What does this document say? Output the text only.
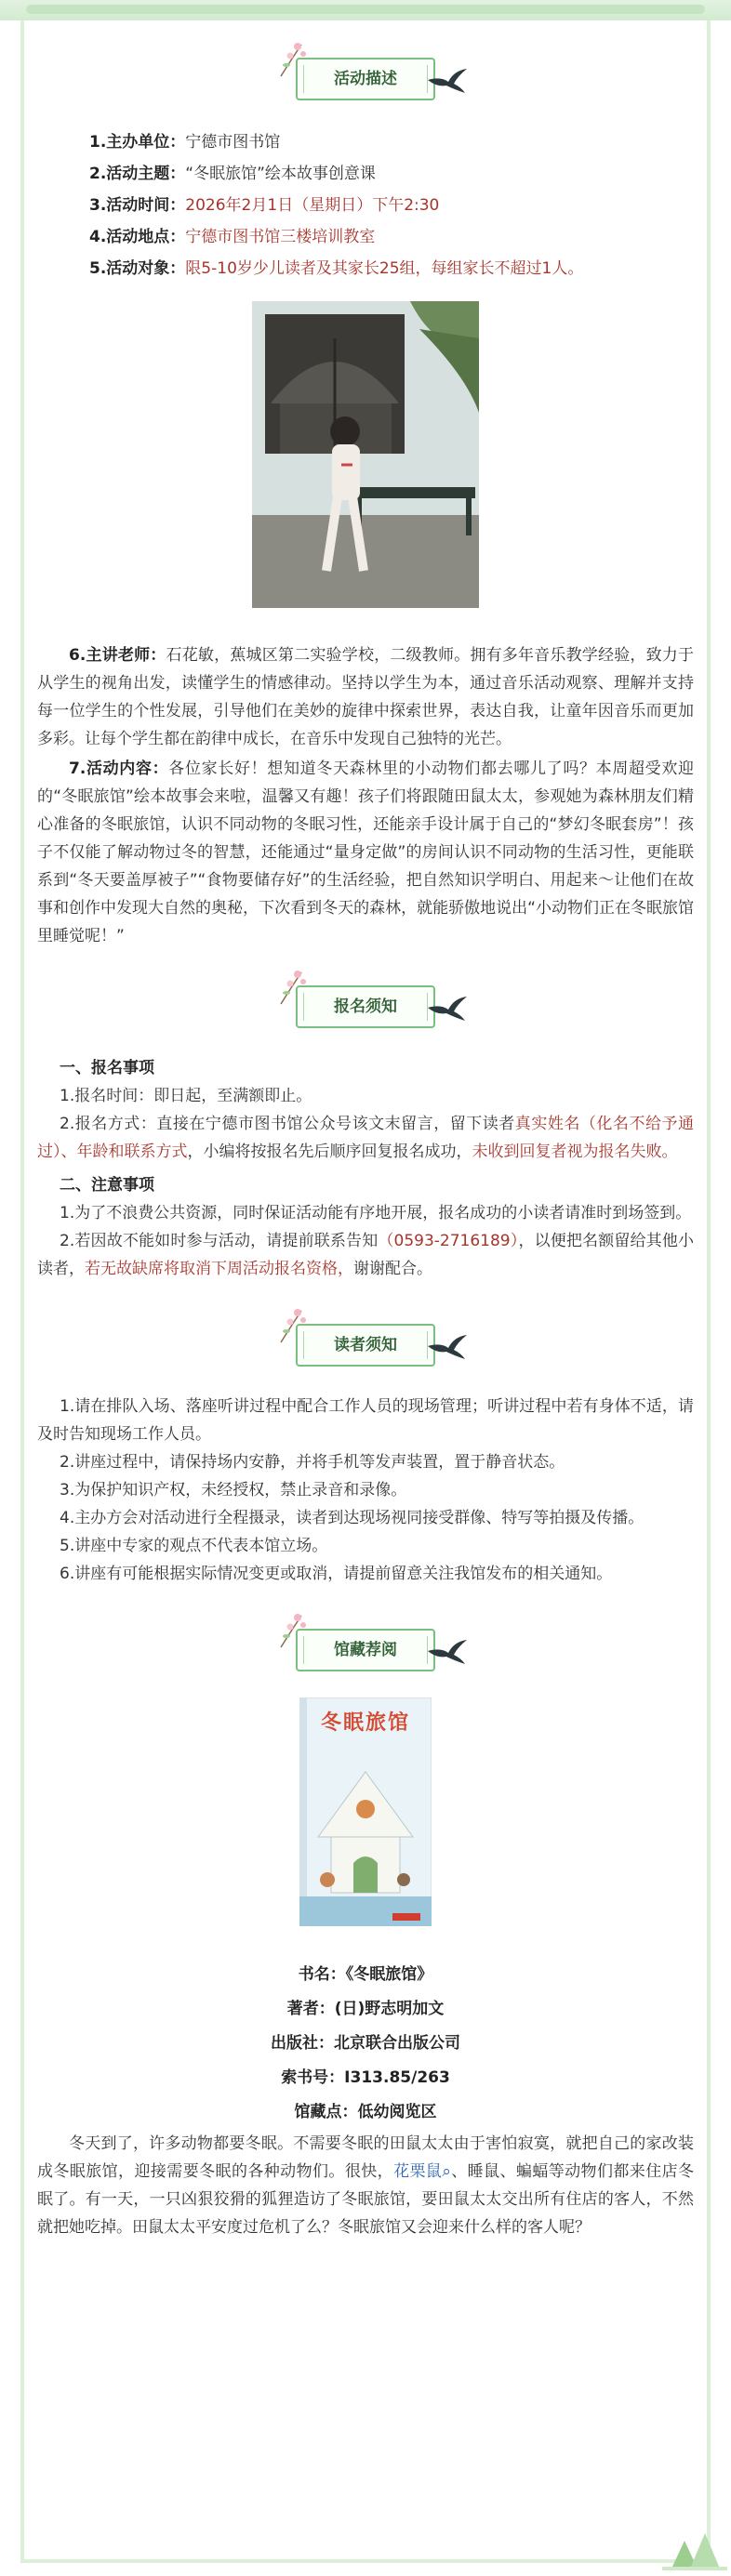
活动描述

1.主办单位：宁德市图书馆

2.活动主题：“冬眠旅馆”绘本故事创意课

3.活动时间：2026年2月1日（星期日）下午2:30

4.活动地点：宁德市图书馆三楼培训教室

5.活动对象：限5-10岁少儿读者及其家长25组，每组家长不超过1人。

6.主讲老师：石花敏，蕉城区第二实验学校，二级教师。拥有多年音乐教学经验，致力于从学生的视角出发，读懂学生的情感律动。坚持以学生为本，通过音乐活动观察、理解并支持每一位学生的个性发展，引导他们在美妙的旋律中探索世界，表达自我，让童年因音乐而更加多彩。让每个学生都在韵律中成长，在音乐中发现自己独特的光芒。

7.活动内容：各位家长好！想知道冬天森林里的小动物们都去哪儿了吗？本周超受欢迎的“冬眠旅馆”绘本故事会来啦，温馨又有趣！孩子们将跟随田鼠太太，参观她为森林朋友们精心准备的冬眠旅馆，认识不同动物的冬眠习性，还能亲手设计属于自己的“梦幻冬眠套房”！孩子不仅能了解动物过冬的智慧，还能通过“量身定做”的房间认识不同动物的生活习性，更能联系到“冬天要盖厚被子”“食物要储存好”的生活经验，把自然知识学明白、用起来～让他们在故事和创作中发现大自然的奥秘，下次看到冬天的森林，就能骄傲地说出“小动物们正在冬眠旅馆里睡觉呢！”

报名须知

一、报名事项

1.报名时间：即日起，至满额即止。

2.报名方式：直接在宁德市图书馆公众号该文末留言，留下读者真实姓名（化名不给予通过）、年龄和联系方式，小编将按报名先后顺序回复报名成功，未收到回复者视为报名失败。

二、注意事项

1.为了不浪费公共资源，同时保证活动能有序地开展，报名成功的小读者请准时到场签到。

2.若因故不能如时参与活动，请提前联系告知（0593-2716189），以便把名额留给其他小读者，若无故缺席将取消下周活动报名资格，谢谢配合。

读者须知

1.请在排队入场、落座听讲过程中配合工作人员的现场管理；听讲过程中若有身体不适，请及时告知现场工作人员。

2.讲座过程中，请保持场内安静，并将手机等发声装置，置于静音状态。

3.为保护知识产权，未经授权，禁止录音和录像。

4.主办方会对活动进行全程摄录，读者到达现场视同接受群像、特写等拍摄及传播。

5.讲座中专家的观点不代表本馆立场。

6.讲座有可能根据实际情况变更或取消，请提前留意关注我馆发布的相关通知。

馆藏荐阅
冬眠旅馆

书名：《冬眠旅馆》

著者：(日)野志明加文

出版社：北京联合出版公司

索书号：I313.85/263

馆藏点：低幼阅览区

冬天到了，许多动物都要冬眠。不需要冬眠的田鼠太太由于害怕寂寞，就把自己的家改装成冬眠旅馆，迎接需要冬眠的各种动物们。很快，花栗鼠⌕、睡鼠、蝙蝠等动物们都来住店冬眠了。有一天，一只凶狠狡猾的狐狸造访了冬眠旅馆，要田鼠太太交出所有住店的客人，不然就把她吃掉。田鼠太太平安度过危机了么？冬眠旅馆又会迎来什么样的客人呢？
